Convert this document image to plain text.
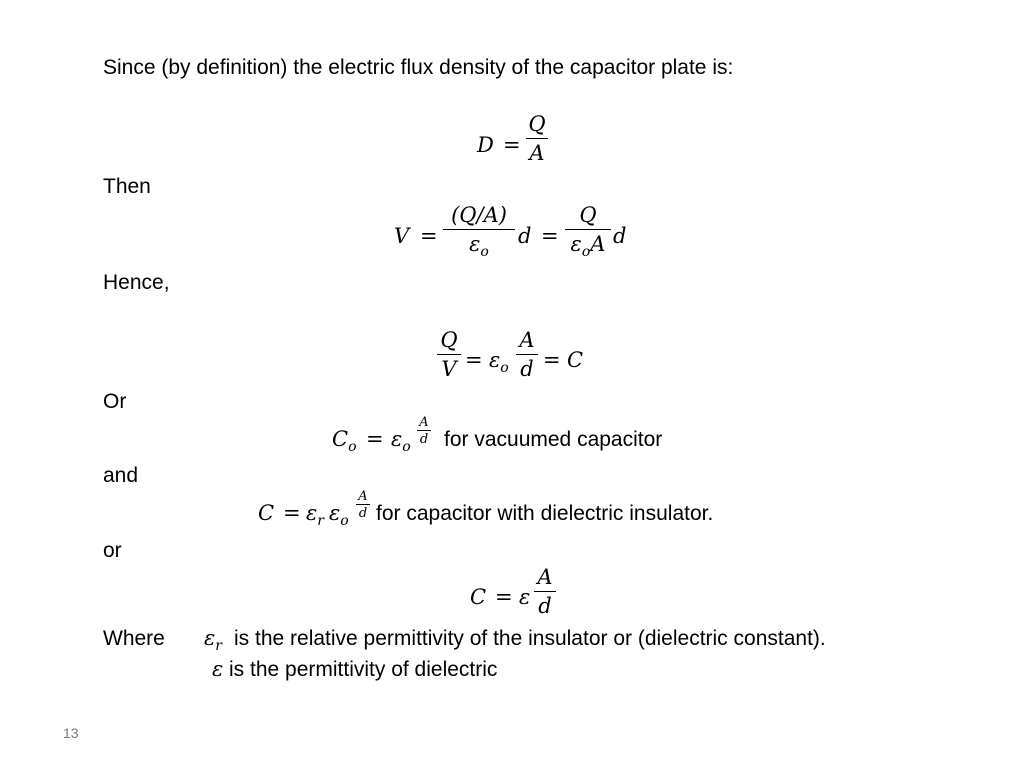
Since (by definition) the electric flux density of the capacitor plate is:
D =
Q
A
Then
V =
(Q/A)
$\varepsilon_o$
d =
Q
$\varepsilon_oA$ d
Hence,
Q
$V = \varepsilon_o$
A
d = C
Or
$C_o = \varepsilon_o$
A
d for vacuumed capacitor
and
$C = \varepsilon_r$ $\varepsilon_o$
A
d for capacitor with dielectric insulator.
or
C = ε
A
d
Where $\varepsilon_r$ is the relative permittivity of the insulator or (dielectric constant).
ε is the permittivity of dielectric
13
